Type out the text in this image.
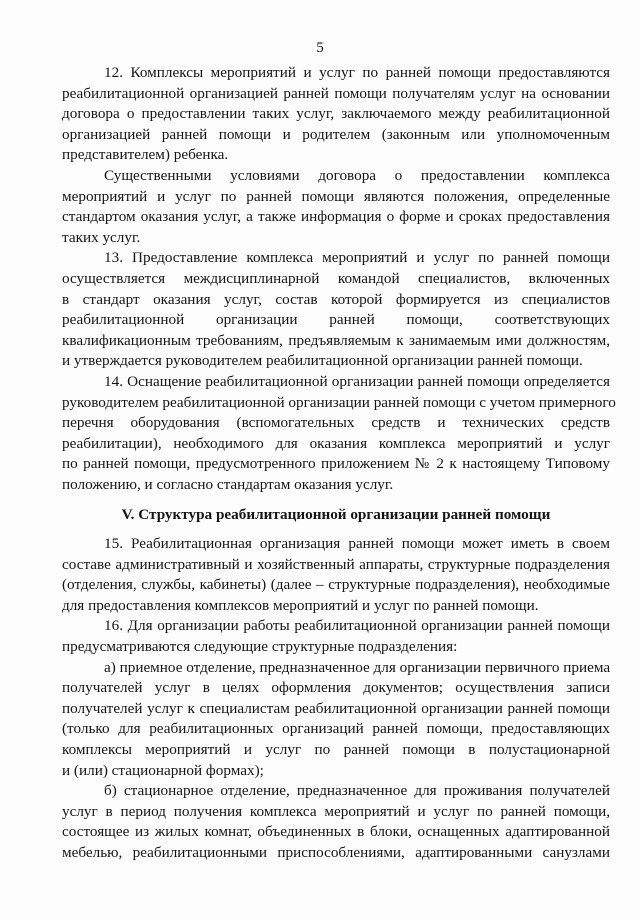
5
12. Комплексы мероприятий и услуг по ранней помощи предоставляются
реабилитационной организацией ранней помощи получателям услуг на основании
договора о предоставлении таких услуг, заключаемого между реабилитационной
организацией ранней помощи и родителем (законным или уполномоченным
представителем) ребенка.
Существенными условиями договора о предоставлении комплекса
мероприятий и услуг по ранней помощи являются положения, определенные
стандартом оказания услуг, а также информация о форме и сроках предоставления
таких услуг.
13. Предоставление комплекса мероприятий и услуг по ранней помощи
осуществляется междисциплинарной командой специалистов, включенных
в стандарт оказания услуг, состав которой формируется из специалистов
реабилитационной организации ранней помощи, соответствующих
квалификационным требованиям, предъявляемым к занимаемым ими должностям,
и утверждается руководителем реабилитационной организации ранней помощи.
14. Оснащение реабилитационной организации ранней помощи определяется
руководителем реабилитационной организации ранней помощи с учетом примерного
перечня оборудования (вспомогательных средств и технических средств
реабилитации), необходимого для оказания комплекса мероприятий и услуг
по ранней помощи, предусмотренного приложением № 2 к настоящему Типовому
положению, и согласно стандартам оказания услуг.
V. Структура реабилитационной организации ранней помощи
15. Реабилитационная организация ранней помощи может иметь в своем
составе административный и хозяйственный аппараты, структурные подразделения
(отделения, службы, кабинеты) (далее – структурные подразделения), необходимые
для предоставления комплексов мероприятий и услуг по ранней помощи.
16. Для организации работы реабилитационной организации ранней помощи
предусматриваются следующие структурные подразделения:
а) приемное отделение, предназначенное для организации первичного приема
получателей услуг в целях оформления документов; осуществления записи
получателей услуг к специалистам реабилитационной организации ранней помощи
(только для реабилитационных организаций ранней помощи, предоставляющих
комплексы мероприятий и услуг по ранней помощи в полустационарной
и (или) стационарной формах);
б) стационарное отделение, предназначенное для проживания получателей
услуг в период получения комплекса мероприятий и услуг по ранней помощи,
состоящее из жилых комнат, объединенных в блоки, оснащенных адаптированной
мебелью, реабилитационными приспособлениями, адаптированными санузлами
